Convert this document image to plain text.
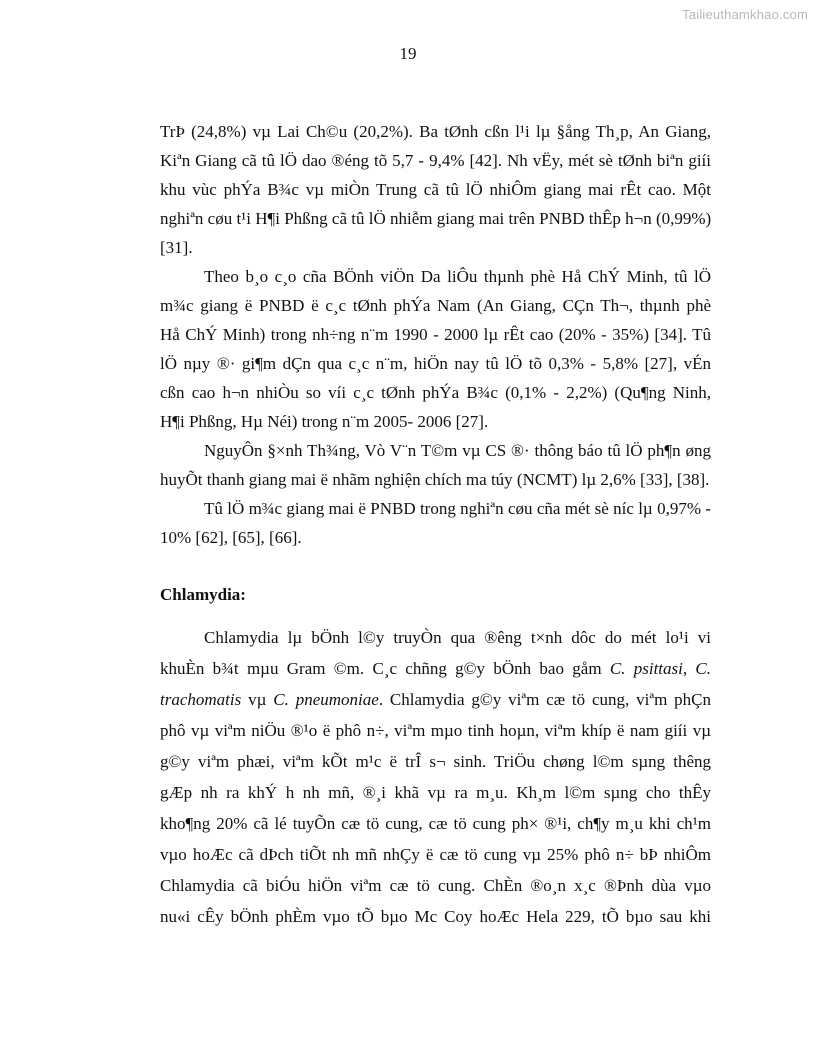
Tailieuthamkhao.com
19
TrÞ (24,8%) vµ Lai Ch©u (20,2%). Ba tØnh cßn l¹i lµ §ång Th¸p, An Giang,
Kiªn Giang cã tû lÖ dao ®éng tõ 5,7 - 9,4% [42]. Nh vËy, mét sè tØnh biªn giíi
khu vùc phÝa B¾c vµ miÒn Trung cã tû lÖ nhiÔm giang mai rÊt cao. Một
nghiªn cøu t¹i H¶i Phßng cã tû lÖ nhiễm giang mai trên PNBD thÊp h¬n (0,99%)
[31].
Theo b¸o c¸o cña BÖnh viÖn Da liÔu thµnh phè Hå ChÝ Minh, tû lÖ
m¾c giang ë PNBD ë c¸c tØnh phÝa Nam (An Giang, CÇn Th¬, thµnh phè
Hå ChÝ Minh) trong nh÷ng n¨m 1990 - 2000 lµ rÊt cao (20% - 35%) [34]. Tû
lÖ nµy ®· gi¶m dÇn qua c¸c n¨m, hiÖn nay tû lÖ tõ 0,3% - 5,8% [27], vÉn
cßn cao h¬n nhiÒu so víi c¸c tØnh phÝa B¾c (0,1% - 2,2%) (Qu¶ng Ninh,
H¶i Phßng, Hµ Néi) trong n¨m 2005- 2006 [27].
NguyÔn §×nh Th¾ng, Vò V¨n T©m vµ CS ®· thông báo tû lÖ ph¶n øng
huyÕt thanh giang mai ë nhãm nghiện chích ma túy (NCMT) lµ 2,6% [33], [38].
Tû lÖ m¾c giang mai ë PNBD trong nghiªn cøu cña mét sè níc lµ 0,97% -
10% [62], [65], [66].
Chlamydia:
Chlamydia lµ bÖnh l©y truyÒn qua ®êng t×nh dôc do mét lo¹i vi
khuÈn b¾t mµu Gram ©m. C¸c chñng g©y bÖnh bao gåm C. psittasi, C.
trachomatis vµ C. pneumoniae. Chlamydia g©y viªm cæ tö cung, viªm phÇn
phô vµ viªm niÖu ®¹o ë phô n÷, viªm mµo tinh hoµn, viªm khíp ë nam giíi vµ
g©y viªm phæi, viªm kÕt m¹c ë trÎ s¬ sinh. TriÖu chøng l©m sµng thêng
gÆp nh ra khÝ h nh mñ, ®¸i khã vµ ra m¸u. Kh¸m l©m sµng cho thÊy
kho¶ng 20% cã lé tuyÕn cæ tö cung, cæ tö cung ph× ®¹i, ch¶y m¸u khi ch¹m
vµo hoÆc cã dÞch tiÕt nh mñ nhÇy ë cæ tö cung vµ 25% phô n÷ bÞ nhiÔm
Chlamydia cã biÓu hiÖn viªm cæ tö cung. ChÈn ®o¸n x¸c ®Þnh dùa vµo
nu«i cÊy bÖnh phÈm vµo tÕ bµo Mc Coy hoÆc Hela 229, tÕ bµo sau khi
